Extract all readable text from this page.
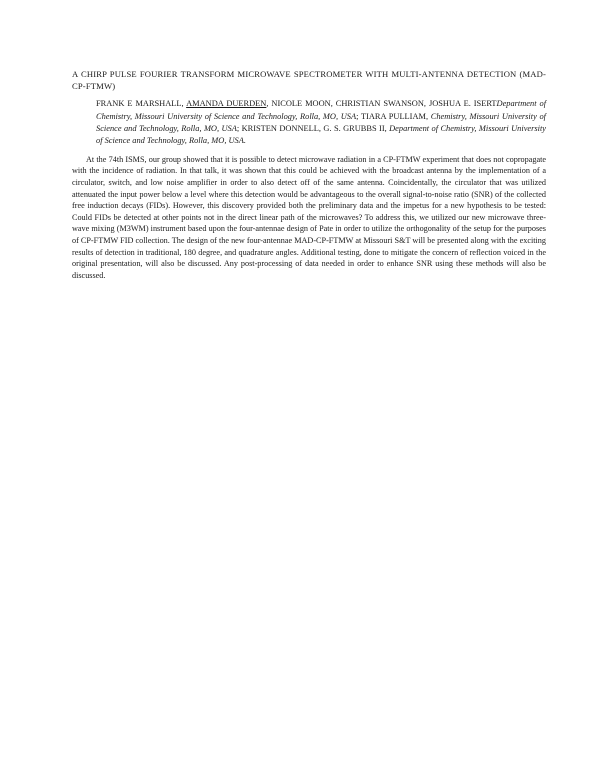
A CHIRP PULSE FOURIER TRANSFORM MICROWAVE SPECTROMETER WITH MULTI-ANTENNA DETECTION (MAD-CP-FTMW)

FRANK E MARSHALL, AMANDA DUERDEN, NICOLE MOON, CHRISTIAN SWANSON, JOSHUA E. ISERTDepartment of Chemistry, Missouri University of Science and Technology, Rolla, MO, USA; TIARA PULLIAM, Chemistry, Missouri University of Science and Technology, Rolla, MO, USA; KRISTEN DONNELL, G. S. GRUBBS II, Department of Chemistry, Missouri University of Science and Technology, Rolla, MO, USA.

At the 74th ISMS, our group showed that it is possible to detect microwave radiation in a CP-FTMW experiment that does not copropagate with the incidence of radiation. In that talk, it was shown that this could be achieved with the broadcast antenna by the implementation of a circulator, switch, and low noise amplifier in order to also detect off of the same antenna. Coincidentally, the circulator that was utilized attenuated the input power below a level where this detection would be advantageous to the overall signal-to-noise ratio (SNR) of the collected free induction decays (FIDs). However, this discovery provided both the preliminary data and the impetus for a new hypothesis to be tested: Could FIDs be detected at other points not in the direct linear path of the microwaves? To address this, we utilized our new microwave three-wave mixing (M3WM) instrument based upon the four-antennae design of Pate in order to utilize the orthogonality of the setup for the purposes of CP-FTMW FID collection. The design of the new four-antennae MAD-CP-FTMW at Missouri S&T will be presented along with the exciting results of detection in traditional, 180 degree, and quadrature angles. Additional testing, done to mitigate the concern of reflection voiced in the original presentation, will also be discussed. Any post-processing of data needed in order to enhance SNR using these methods will also be discussed.
